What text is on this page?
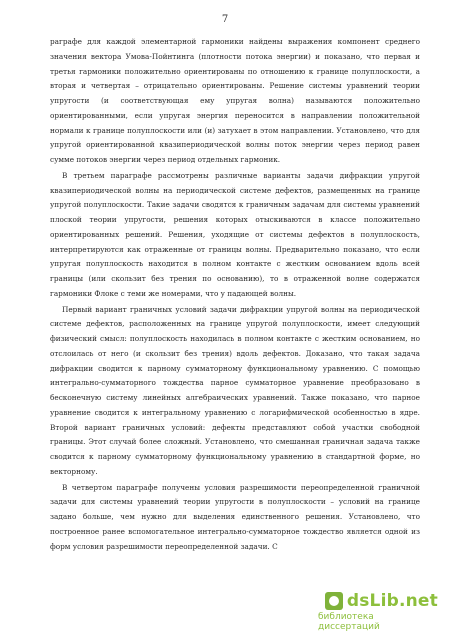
7

раграфе для каждой элементарной гармоники найдены выражения компонент среднего значения вектора Умова-Пойнтинга (плотности потока энергии) и показано, что первая и третья гармоники положительно ориентированы по отношению к границе полуплоскости, а вторая и четвертая – отрицательно ориентированы. Решение системы уравнений теории упругости (и соответствующая ему упругая волна) называются положительно ориентированными, если упругая энергия переносится в направлении положительной нормали к границе полуплоскости или (и) затухает в этом направлении. Установлено, что для упругой ориентированной квазипериодической волны поток энергии через период равен сумме потоков энергии через период отдельных гармоник.

В третьем параграфе рассмотрены различные варианты задачи дифракции упругой квазипериодической волны на периодической системе дефектов, размещенных на границе упругой полуплоскости. Такие задачи сводятся к граничным задачам для системы уравнений плоской теории упругости, решения которых отыскиваются в классе положительно ориентированных решений. Решения, уходящие от системы дефектов в полуплоскость, интерпретируются как отраженные от границы волны. Предварительно показано, что если упругая полуплоскость находится в полном контакте с жестким основанием вдоль всей границы (или скользит без трения по основанию), то в отраженной волне содержатся гармоники Флоке с теми же номерами, что у падающей волны.

Первый вариант граничных условий задачи дифракции упругой волны на периодической системе дефектов, расположенных на границе упругой полуплоскости, имеет следующий физический смысл: полуплоскость находилась в полном контакте с жестким основанием, но отслоилась от него (и скользит без трения) вдоль дефектов. Доказано, что такая задача дифракции сводится к парному сумматорному функциональному уравнению. С помощью интегрально-сумматорного тождества парное сумматорное уравнение преобразовано в бесконечную систему линейных алгебраических уравнений. Также показано, что парное уравнение сводится к интегральному уравнению с логарифмической особенностью в ядре. Второй вариант граничных условий: дефекты представляют собой участки свободной границы. Этот случай более сложный. Установлено, что смешанная граничная задача также сводится к парному сумматорному функциональному уравнению в стандартной форме, но векторному.

В четвертом параграфе получены условия разрешимости переопределенной граничной задачи для системы уравнений теории упругости в полуплоскости – условий на границе задано больше, чем нужно для выделения единственного решения. Установлено, что построенное ранее вспомогательное интегрально-сумматорное тождество является одной из форм условия разрешимости переопределенной задачи. С

dsLib.net
библиотека диссертаций
